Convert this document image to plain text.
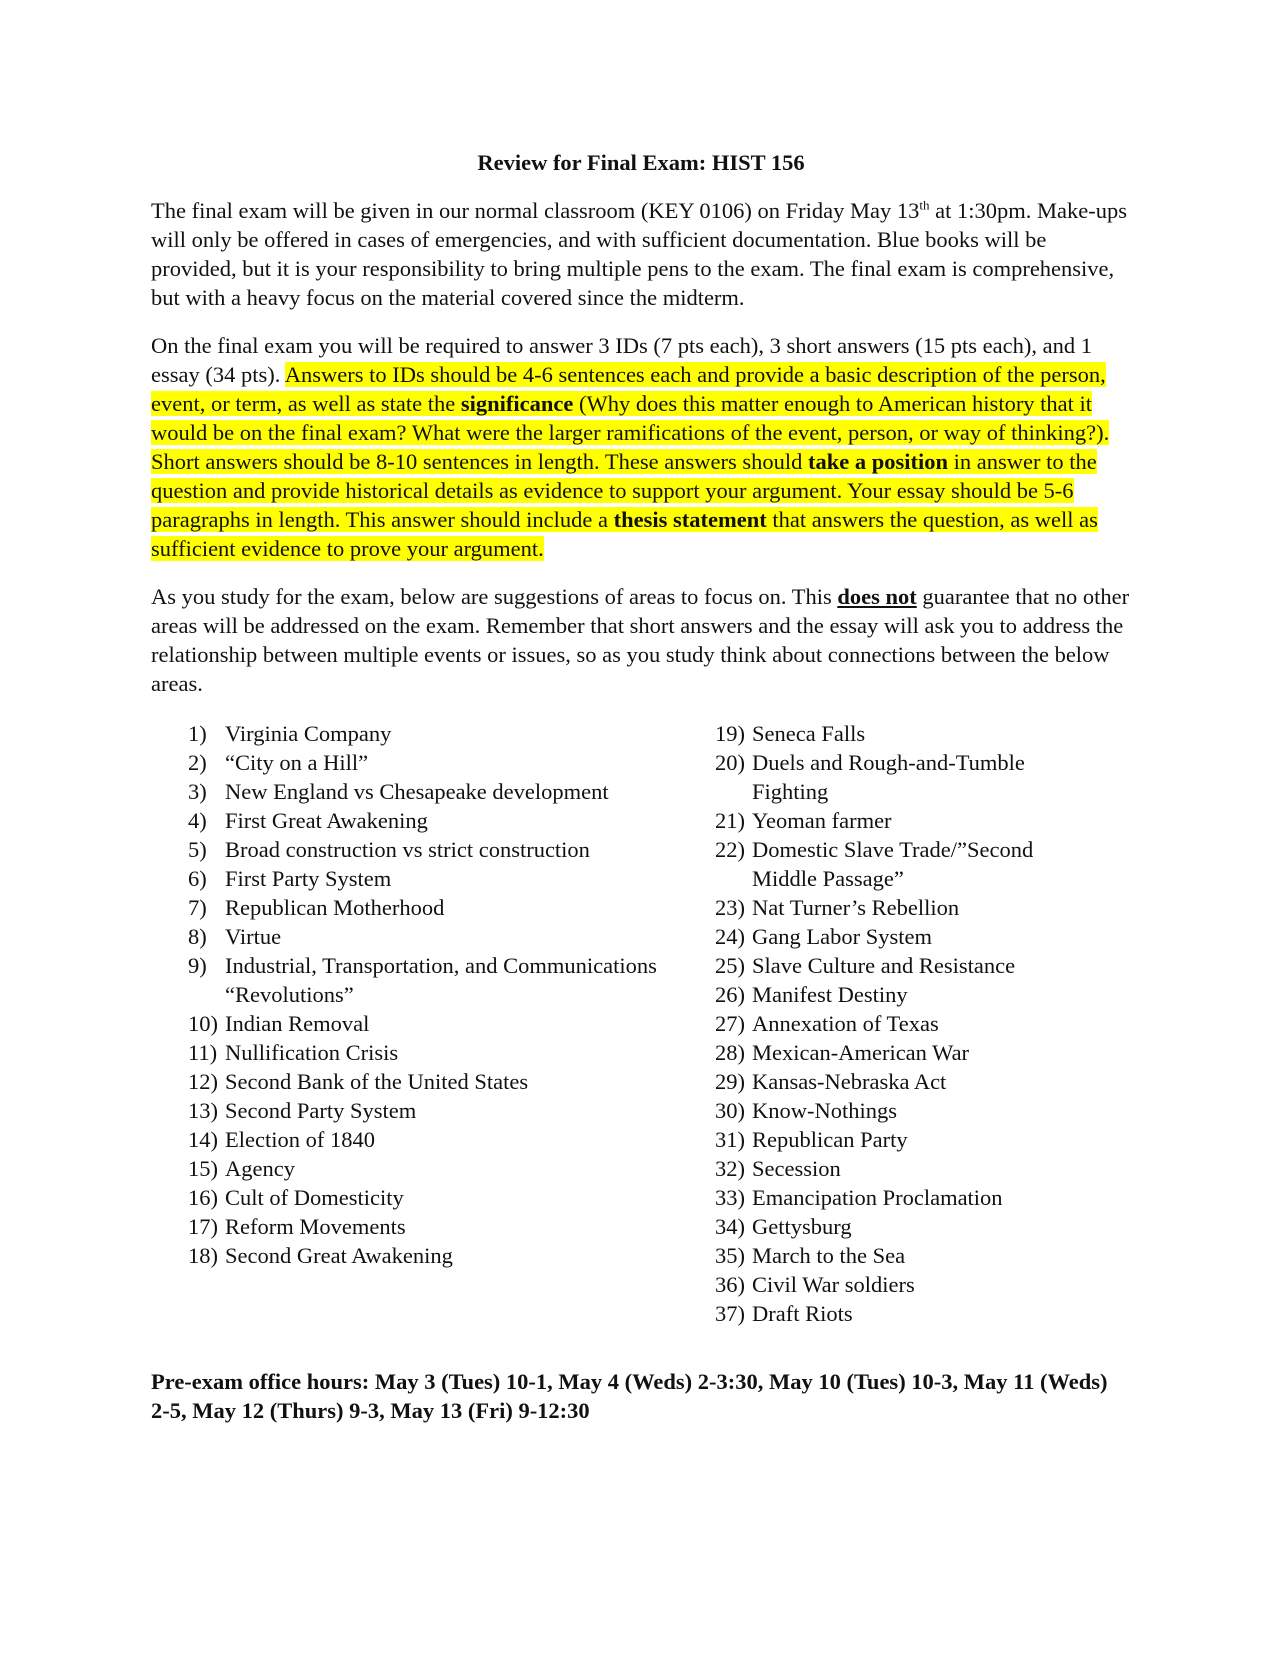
Review for Final Exam: HIST 156

The final exam will be given in our normal classroom (KEY 0106) on Friday May 13th at 1:30pm. Make-ups will only be offered in cases of emergencies, and with sufficient documentation. Blue books will be provided, but it is your responsibility to bring multiple pens to the exam. The final exam is comprehensive, but with a heavy focus on the material covered since the midterm.

On the final exam you will be required to answer 3 IDs (7 pts each), 3 short answers (15 pts each), and 1 essay (34 pts). Answers to IDs should be 4-6 sentences each and provide a basic description of the person, event, or term, as well as state the significance (Why does this matter enough to American history that it would be on the final exam? What were the larger ramifications of the event, person, or way of thinking?). Short answers should be 8-10 sentences in length. These answers should take a position in answer to the question and provide historical details as evidence to support your argument. Your essay should be 5-6 paragraphs in length. This answer should include a thesis statement that answers the question, as well as sufficient evidence to prove your argument.

As you study for the exam, below are suggestions of areas to focus on. This does not guarantee that no other areas will be addressed on the exam. Remember that short answers and the essay will ask you to address the relationship between multiple events or issues, so as you study think about connections between the below areas.

1) Virginia Company
2) “City on a Hill”
3) New England vs Chesapeake development
4) First Great Awakening
5) Broad construction vs strict construction
6) First Party System
7) Republican Motherhood
8) Virtue
9) Industrial, Transportation, and Communications “Revolutions”
10) Indian Removal
11) Nullification Crisis
12) Second Bank of the United States
13) Second Party System
14) Election of 1840
15) Agency
16) Cult of Domesticity
17) Reform Movements
18) Second Great Awakening
19) Seneca Falls
20) Duels and Rough-and-Tumble Fighting
21) Yeoman farmer
22) Domestic Slave Trade/”Second Middle Passage”
23) Nat Turner’s Rebellion
24) Gang Labor System
25) Slave Culture and Resistance
26) Manifest Destiny
27) Annexation of Texas
28) Mexican-American War
29) Kansas-Nebraska Act
30) Know-Nothings
31) Republican Party
32) Secession
33) Emancipation Proclamation
34) Gettysburg
35) March to the Sea
36) Civil War soldiers
37) Draft Riots

Pre-exam office hours: May 3 (Tues) 10-1, May 4 (Weds) 2-3:30, May 10 (Tues) 10-3, May 11 (Weds) 2-5, May 12 (Thurs) 9-3, May 13 (Fri) 9-12:30
